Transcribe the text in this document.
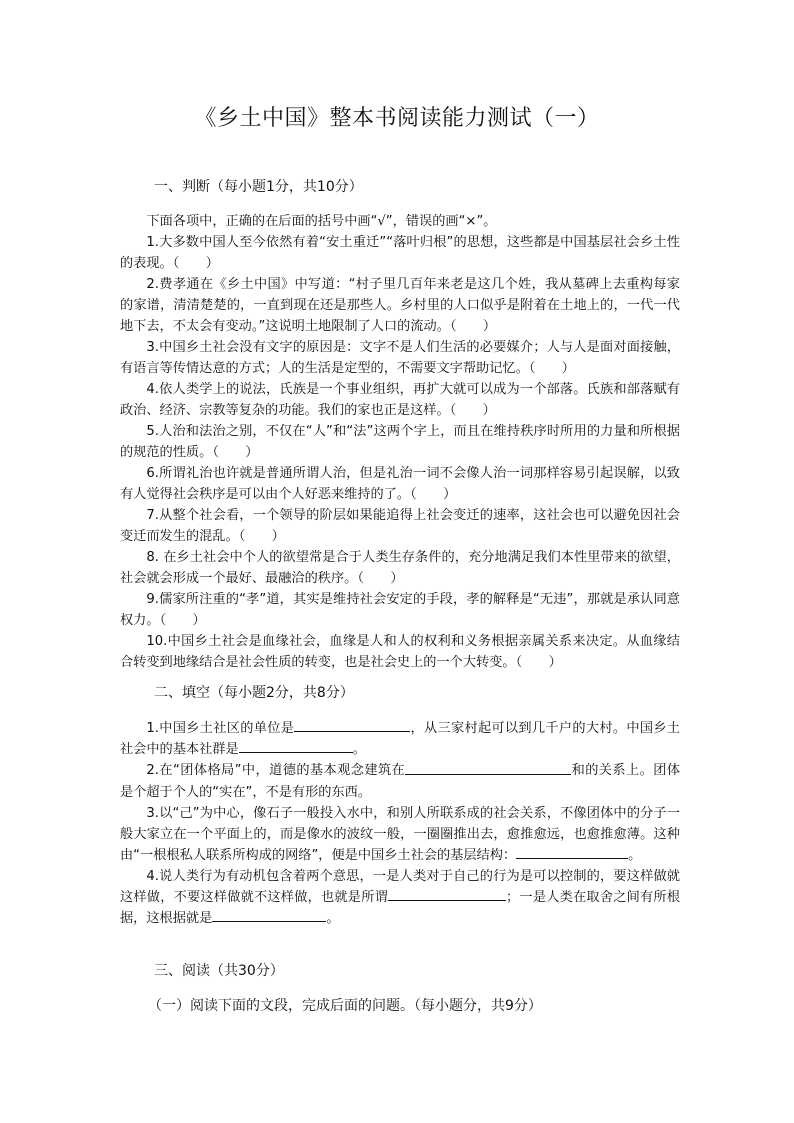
《乡土中国》整本书阅读能力测试（一）
一、判断（每小题1分，共10分）

下面各项中，正确的在后面的括号中画“√”，错误的画“×”。

1.大多数中国人至今依然有着“安土重迁”“落叶归根”的思想，这些都是中国基层社会乡土性的表现。（　　）

2.费孝通在《乡土中国》中写道：“村子里几百年来老是这几个姓，我从墓碑上去重构每家的家谱，清清楚楚的，一直到现在还是那些人。乡村里的人口似乎是附着在土地上的，一代一代地下去，不太会有变动。”这说明土地限制了人口的流动。（　　）

3.中国乡土社会没有文字的原因是：文字不是人们生活的必要媒介；人与人是面对面接触，有语言等传情达意的方式；人的生活是定型的，不需要文字帮助记忆。（　　）

4.依人类学上的说法，氏族是一个事业组织，再扩大就可以成为一个部落。氏族和部落赋有政治、经济、宗教等复杂的功能。我们的家也正是这样。（　　）

5.人治和法治之别，不仅在“人”和“法”这两个字上，而且在维持秩序时所用的力量和所根据的规范的性质。（　　）

6.所谓礼治也许就是普通所谓人治，但是礼治一词不会像人治一词那样容易引起误解，以致有人觉得社会秩序是可以由个人好恶来维持的了。（　　）

7.从整个社会看，一个领导的阶层如果能追得上社会变迁的速率，这社会也可以避免因社会变迁而发生的混乱。（　　）

8. 在乡土社会中个人的欲望常是合于人类生存条件的，充分地满足我们本性里带来的欲望，社会就会形成一个最好、最融洽的秩序。（　　）

9.儒家所注重的“孝”道，其实是维持社会安定的手段，孝的解释是“无违”，那就是承认同意权力。（　　）

10.中国乡土社会是血缘社会，血缘是人和人的权利和义务根据亲属关系来决定。从血缘结合转变到地缘结合是社会性质的转变，也是社会史上的一个大转变。（　　）

二、填空（每小题2分，共8分）

1.中国乡土社区的单位是	，从三家村起可以到几千户的大村。中国乡土社会中的基本社群是	。

2.在“团体格局”中，道德的基本观念建筑在	和的关系上。团体是个超于个人的“实在”，不是有形的东西。

3.以“己”为中心，像石子一般投入水中，和别人所联系成的社会关系，不像团体中的分子一般大家立在一个平面上的，而是像水的波纹一般，一圈圈推出去，愈推愈远，也愈推愈薄。这种由“一根根私人联系所构成的网络”，便是中国乡土社会的基层结构：	。

4.说人类行为有动机包含着两个意思，一是人类对于自己的行为是可以控制的，要这样做就这样做，不要这样做就不这样做，也就是所谓	；一是人类在取舍之间有所根据，这根据就是	。

三、阅读（共30分）
（一）阅读下面的文段，完成后面的问题。（每小题分，共9分）
